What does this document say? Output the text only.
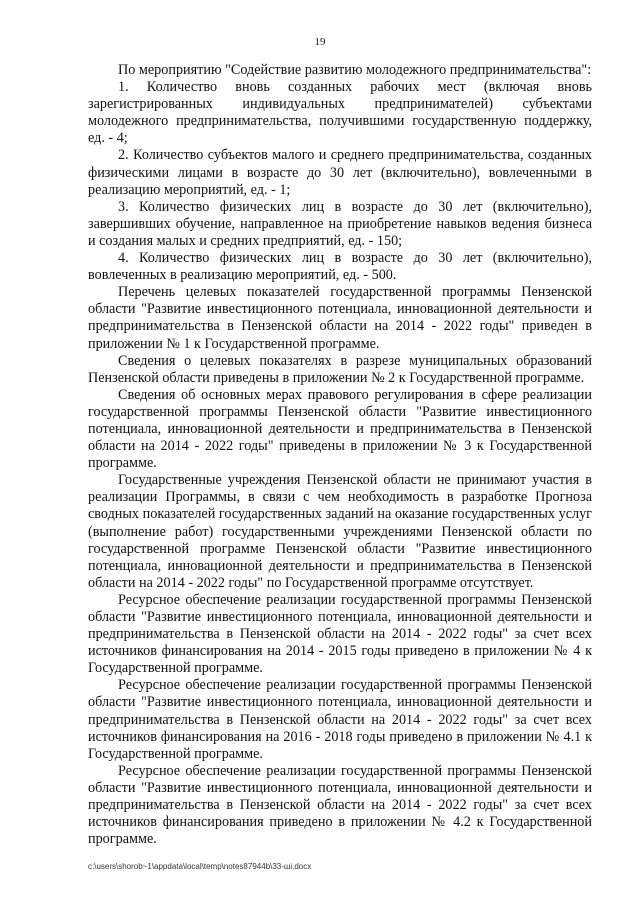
19

По мероприятию "Содействие развитию молодежного предпринимательства":

1. Количество вновь созданных рабочих мест (включая вновь зарегистрированных индивидуальных предпринимателей) субъектами молодежного предпринимательства, получившими государственную поддержку, ед. - 4;

2. Количество субъектов малого и среднего предпринимательства, созданных физическими лицами в возрасте до 30 лет (включительно), вовлеченными в реализацию мероприятий, ед. - 1;

3. Количество физических лиц в возрасте до 30 лет (включительно), завершивших обучение, направленное на приобретение навыков ведения бизнеса и создания малых и средних предприятий, ед. - 150;

4. Количество физических лиц в возрасте до 30 лет (включительно), вовлеченных в реализацию мероприятий, ед. - 500.

Перечень целевых показателей государственной программы Пензенской области "Развитие инвестиционного потенциала, инновационной деятельности и предпринимательства в Пензенской области на 2014 - 2022 годы" приведен в приложении № 1 к Государственной программе.

Сведения о целевых показателях в разрезе муниципальных образований Пензенской области приведены в приложении № 2 к Государственной программе.

Сведения об основных мерах правового регулирования в сфере реализации государственной программы Пензенской области "Развитие инвестиционного потенциала, инновационной деятельности и предпринимательства в Пензенской области на 2014 - 2022 годы" приведены в приложении № 3 к Государственной программе.

Государственные учреждения Пензенской области не принимают участия в реализации Программы, в связи с чем необходимость в разработке Прогноза сводных показателей государственных заданий на оказание государственных услуг (выполнение работ) государственными учреждениями Пензенской области по государственной программе Пензенской области "Развитие инвестиционного потенциала, инновационной деятельности и предпринимательства в Пензенской области на 2014 - 2022 годы" по Государственной программе отсутствует.

Ресурсное обеспечение реализации государственной программы Пензенской области "Развитие инвестиционного потенциала, инновационной деятельности и предпринимательства в Пензенской области на 2014 - 2022 годы" за счет всех источников финансирования на 2014 - 2015 годы приведено в приложении № 4 к Государственной программе.

Ресурсное обеспечение реализации государственной программы Пензенской области "Развитие инвестиционного потенциала, инновационной деятельности и предпринимательства в Пензенской области на 2014 - 2022 годы" за счет всех источников финансирования на 2016 - 2018 годы приведено в приложении № 4.1 к Государственной программе.

Ресурсное обеспечение реализации государственной программы Пензенской области "Развитие инвестиционного потенциала, инновационной деятельности и предпринимательства в Пензенской области на 2014 - 2022 годы" за счет всех источников финансирования приведено в приложении № 4.2 к Государственной программе.

c:\users\shorob~1\appdata\local\temp\notes87944b\33-ші.docx
